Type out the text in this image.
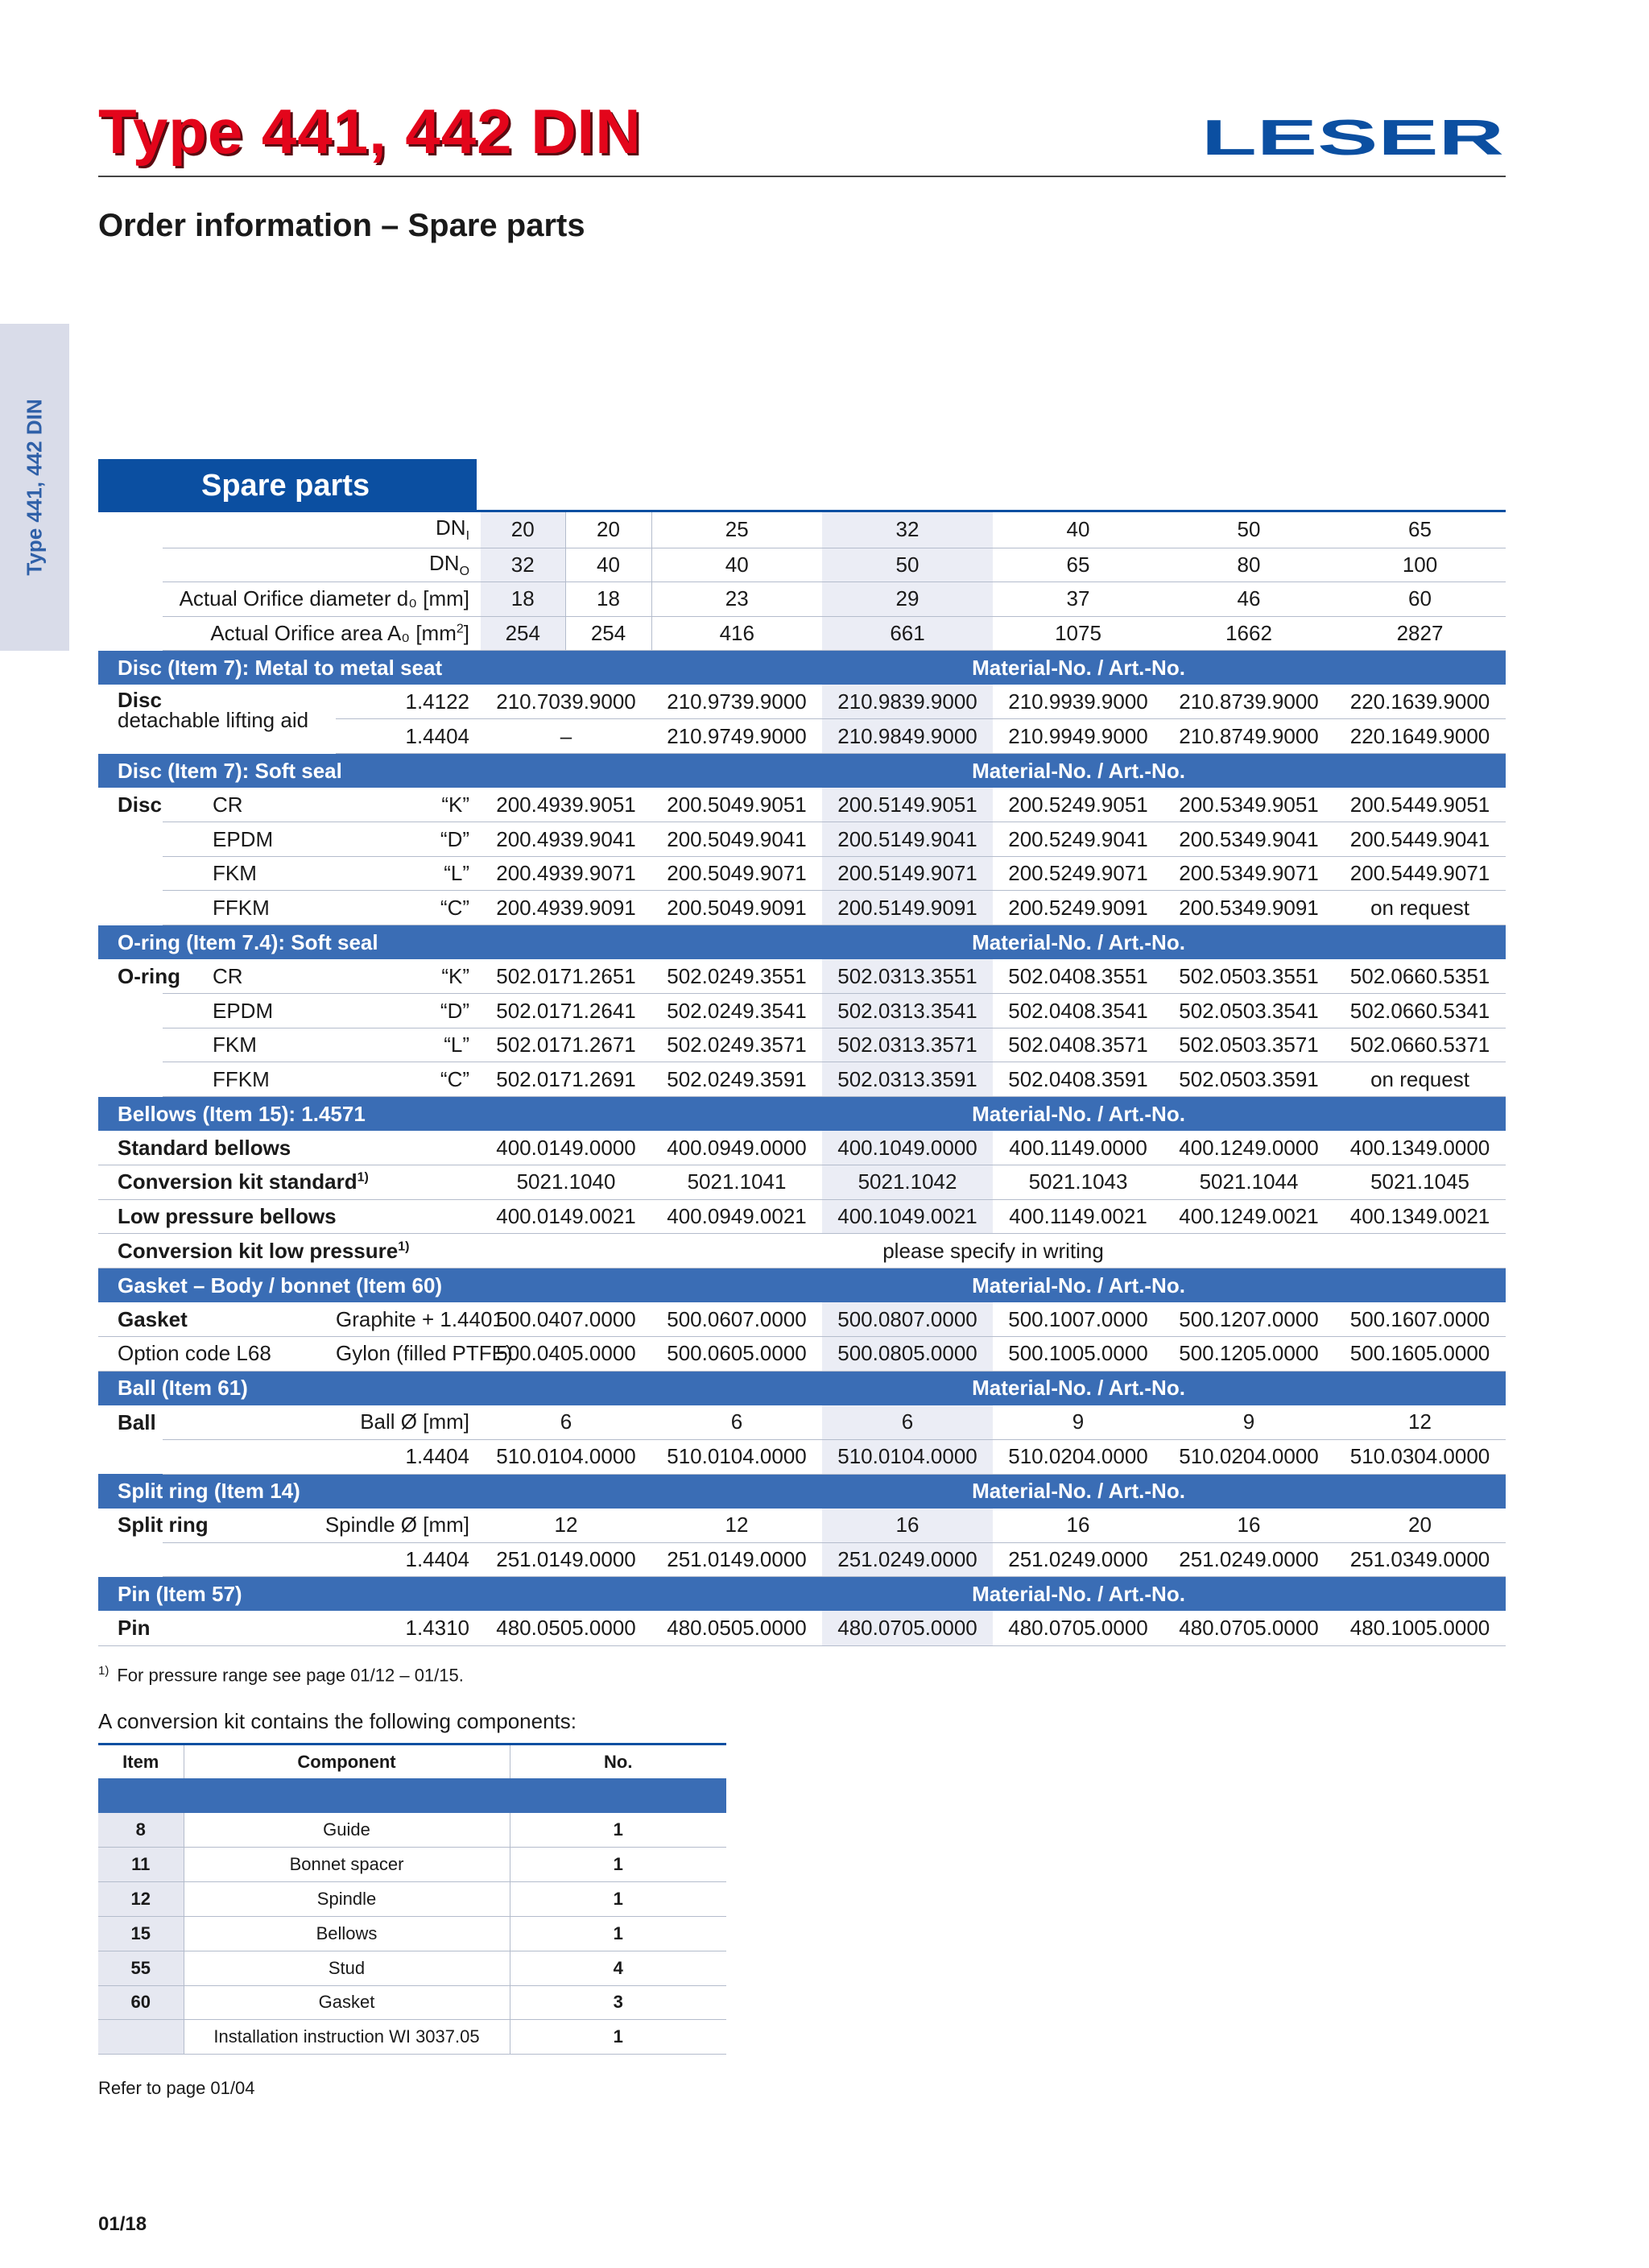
Type 441, 442 DIN	LESER
Order information – Spare parts
Type 441, 442 DIN	Spare parts
	$DN_I$		20	20	25	32	40	50	65
	$DN_O$		32	40	40	50	65	80	100
	Actual Orifice diameter d₀ [mm]		18	18	23	29	37	46	60
	Actual Orifice area A₀ $[mm^2]$		254	254	416	661	1075	1662	2827
Disc (Item 7): Metal to metal seat					Material-No. / Art.-No.				

Disc
detachable lifting aid		1.4122	210.7039.9000		210.9739.9000	210.9839.9000	210.9939.9000	210.8739.9000	220.1639.9000
		1.4404	–		210.9749.9000	210.9849.9000	210.9949.9000	210.8749.9000	220.1649.9000
Disc (Item 7): Soft seal					Material-No. / Art.-No.				
Disc	CR	“K”	200.4939.9051		200.5049.9051	200.5149.9051	200.5249.9051	200.5349.9051	200.5449.9051
	EPDM	“D”	200.4939.9041		200.5049.9041	200.5149.9041	200.5249.9041	200.5349.9041	200.5449.9041
	FKM	“L”	200.4939.9071		200.5049.9071	200.5149.9071	200.5249.9071	200.5349.9071	200.5449.9071
	FFKM	“C”	200.4939.9091		200.5049.9091	200.5149.9091	200.5249.9091	200.5349.9091	on request
O-ring (Item 7.4): Soft seal					Material-No. / Art.-No.				
O-ring	CR	“K”	502.0171.2651		502.0249.3551	502.0313.3551	502.0408.3551	502.0503.3551	502.0660.5351
	EPDM	“D”	502.0171.2641		502.0249.3541	502.0313.3541	502.0408.3541	502.0503.3541	502.0660.5341
	FKM	“L”	502.0171.2671		502.0249.3571	502.0313.3571	502.0408.3571	502.0503.3571	502.0660.5371
	FFKM	“C”	502.0171.2691		502.0249.3591	502.0313.3591	502.0408.3591	502.0503.3591	on request
Bellows (Item 15): 1.4571					Material-No. / Art.-No.				
Standard bellows			400.0149.0000		400.0949.0000	400.1049.0000	400.1149.0000	400.1249.0000	400.1349.0000
Conversion kit standard$^{1)}$			5021.1040		5021.1041	5021.1042	5021.1043	5021.1044	5021.1045
Low pressure bellows			400.0149.0021		400.0949.0021	400.1049.0021	400.1149.0021	400.1249.0021	400.1349.0021
Conversion kit low pressure$^{1)}$			please specify in writing						
Gasket – Body / bonnet (Item 60)					Material-No. / Art.-No.				
Gasket		Graphite + 1.4401	500.0407.0000		500.0607.0000	500.0807.0000	500.1007.0000	500.1207.0000	500.1607.0000
Option code L68		Gylon (filled PTFE)	500.0405.0000		500.0605.0000	500.0805.0000	500.1005.0000	500.1205.0000	500.1605.0000
Ball (Item 61)					Material-No. / Art.-No.				
Ball	Ball Ø [mm]		6		6	6	9	9	12
	1.4404		510.0104.0000		510.0104.0000	510.0104.0000	510.0204.0000	510.0204.0000	510.0304.0000
Split ring (Item 14)					Material-No. / Art.-No.				
Split ring	Spindle Ø [mm]		12		12	16	16	16	20
	1.4404		251.0149.0000		251.0149.0000	251.0249.0000	251.0249.0000	251.0249.0000	251.0349.0000
Pin (Item 57)					Material-No. / Art.-No.				
Pin	1.4310		480.0505.0000		480.0505.0000	480.0705.0000	480.0705.0000	480.0705.0000	480.1005.0000
$^{1)}$ For pressure range see page 01/12 – 01/15.
A conversion kit contains the following components:
Item	Component	No.

8	Guide	1
11	Bonnet spacer	1
12	Spindle	1
15	Bellows	1
55	Stud	4
60	Gasket	3
	Installation instruction WI 3037.05	1
Refer to page 01/04
01/18
